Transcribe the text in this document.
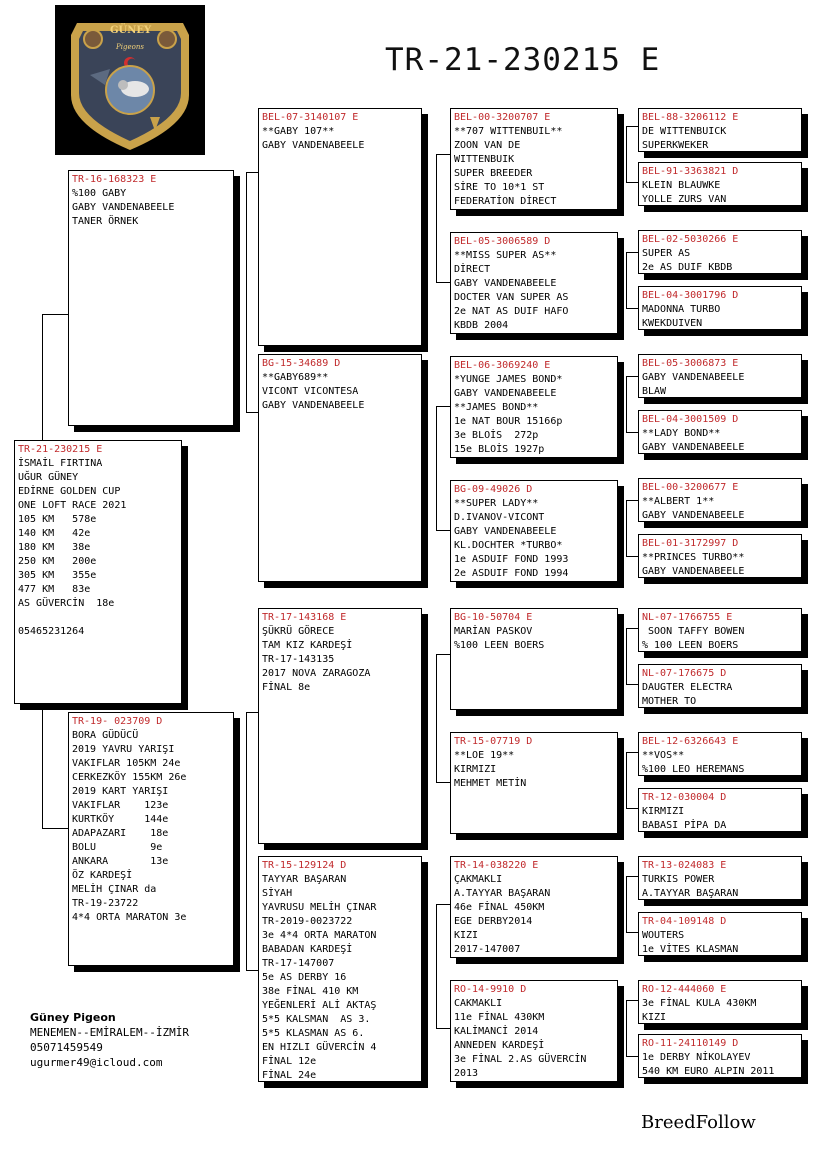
TR-21-230215 E
GÜNEY
Pigeons
TR-21-230215 E
İSMAİL FIRTINA
UĞUR GÜNEY
EDİRNE GOLDEN CUP
ONE LOFT RACE 2021
105 KM   578e
140 KM   42e
180 KM   38e
250 KM   200e
305 KM   355e
477 KM   83e
AS GÜVERCİN  18e

05465231264
TR-16-168323 E
%100 GABY
GABY VANDENABEELE
TANER ÖRNEK
TR-19- 023709 D
BORA GÜDÜCÜ
2019 YAVRU YARIŞI
VAKIFLAR 105KM 24e
CERKEZKÖY 155KM 26e
2019 KART YARIŞI
VAKIFLAR    123e
KURTKÖY     144e
ADAPAZARI    18e
BOLU         9e
ANKARA       13e
ÖZ KARDEŞİ
MELİH ÇINAR da
TR-19-23722
4*4 ORTA MARATON 3e
BEL-07-3140107 E
**GABY 107**
GABY VANDENABEELE
BG-15-34689 D
**GABY689**
VICONT VICONTESA
GABY VANDENABEELE
TR-17-143168 E
ŞÜKRÜ GÖRECE
TAM KIZ KARDEŞİ
TR-17-143135
2017 NOVA ZARAGOZA
FİNAL 8e
TR-15-129124 D
TAYYAR BAŞARAN
SİYAH
YAVRUSU MELİH ÇINAR
TR-2019-0023722
3e 4*4 ORTA MARATON
BABADAN KARDEŞİ
TR-17-147007
5e AS DERBY 16
38e FİNAL 410 KM
YEĞENLERİ ALİ AKTAŞ
5*5 KALSMAN  AS 3.
5*5 KLASMAN AS 6.
EN HIZLI GÜVERCİN 4
FİNAL 12e
FİNAL 24e
BEL-00-3200707 E
**707 WITTENBUIL**
ZOON VAN DE
WITTENBUIK
SUPER BREEDER
SİRE TO 10*1 ST
FEDERATİON DİRECT
BEL-05-3006589 D
**MISS SUPER AS**
DİRECT
GABY VANDENABEELE
DOCTER VAN SUPER AS
2e NAT AS DUIF HAFO
KBDB 2004
BEL-06-3069240 E
*YUNGE JAMES BOND*
GABY VANDENABEELE
**JAMES BOND**
1e NAT BOUR 15166p
3e BLOİS  272p
15e BLOİS 1927p
BG-09-49026 D
**SUPER LADY**
D.IVANOV-VICONT
GABY VANDENABEELE
KL.DOCHTER *TURBO*
1e ASDUIF FOND 1993
2e ASDUIF FOND 1994
BG-10-50704 E
MARİAN PASKOV
%100 LEEN BOERS
TR-15-07719 D
**LOE 19**
KIRMIZI
MEHMET METİN
TR-14-038220 E
ÇAKMAKLI
A.TAYYAR BAŞARAN
46e FİNAL 450KM
EGE DERBY2014
KIZI
2017-147007
RO-14-9910 D
CAKMAKLI
11e FİNAL 430KM
KALİMANCİ 2014
ANNEDEN KARDEŞİ
3e FİNAL 2.AS GÜVERCİN
2013
BEL-88-3206112 E
DE WITTENBUICK
SUPERKWEKER
BEL-91-3363821 D
KLEIN BLAUWKE
YOLLE ZURS VAN
BEL-02-5030266 E
SUPER AS
2e AS DUIF KBDB
BEL-04-3001796 D
MADONNA TURBO
KWEKDUIVEN
BEL-05-3006873 E
GABY VANDENABEELE
BLAW
BEL-04-3001509 D
**LADY BOND**
GABY VANDENABEELE
BEL-00-3200677 E
**ALBERT 1**
GABY VANDENABEELE
BEL-01-3172997 D
**PRINCES TURBO**
GABY VANDENABEELE
NL-07-1766755 E
SOON TAFFY BOWEN
% 100 LEEN BOERS
NL-07-176675 D
DAUGTER ELECTRA
MOTHER TO
BEL-12-6326643 E
**VOS**
%100 LEO HEREMANS
TR-12-030004 D
KIRMIZI
BABASI PİPA DA
TR-13-024083 E
TURKIS POWER
A.TAYYAR BAŞARAN
TR-04-109148 D
WOUTERS
1e VİTES KLASMAN
RO-12-444060 E
3e FİNAL KULA 430KM
KIZI
RO-11-24110149 D
1e DERBY NİKOLAYEV
540 KM EURO ALPIN 2011
Güney Pigeon
MENEMEN--EMİRALEM--İZMİR
05071459549
ugurmer49@icloud.com
BreedFollow
